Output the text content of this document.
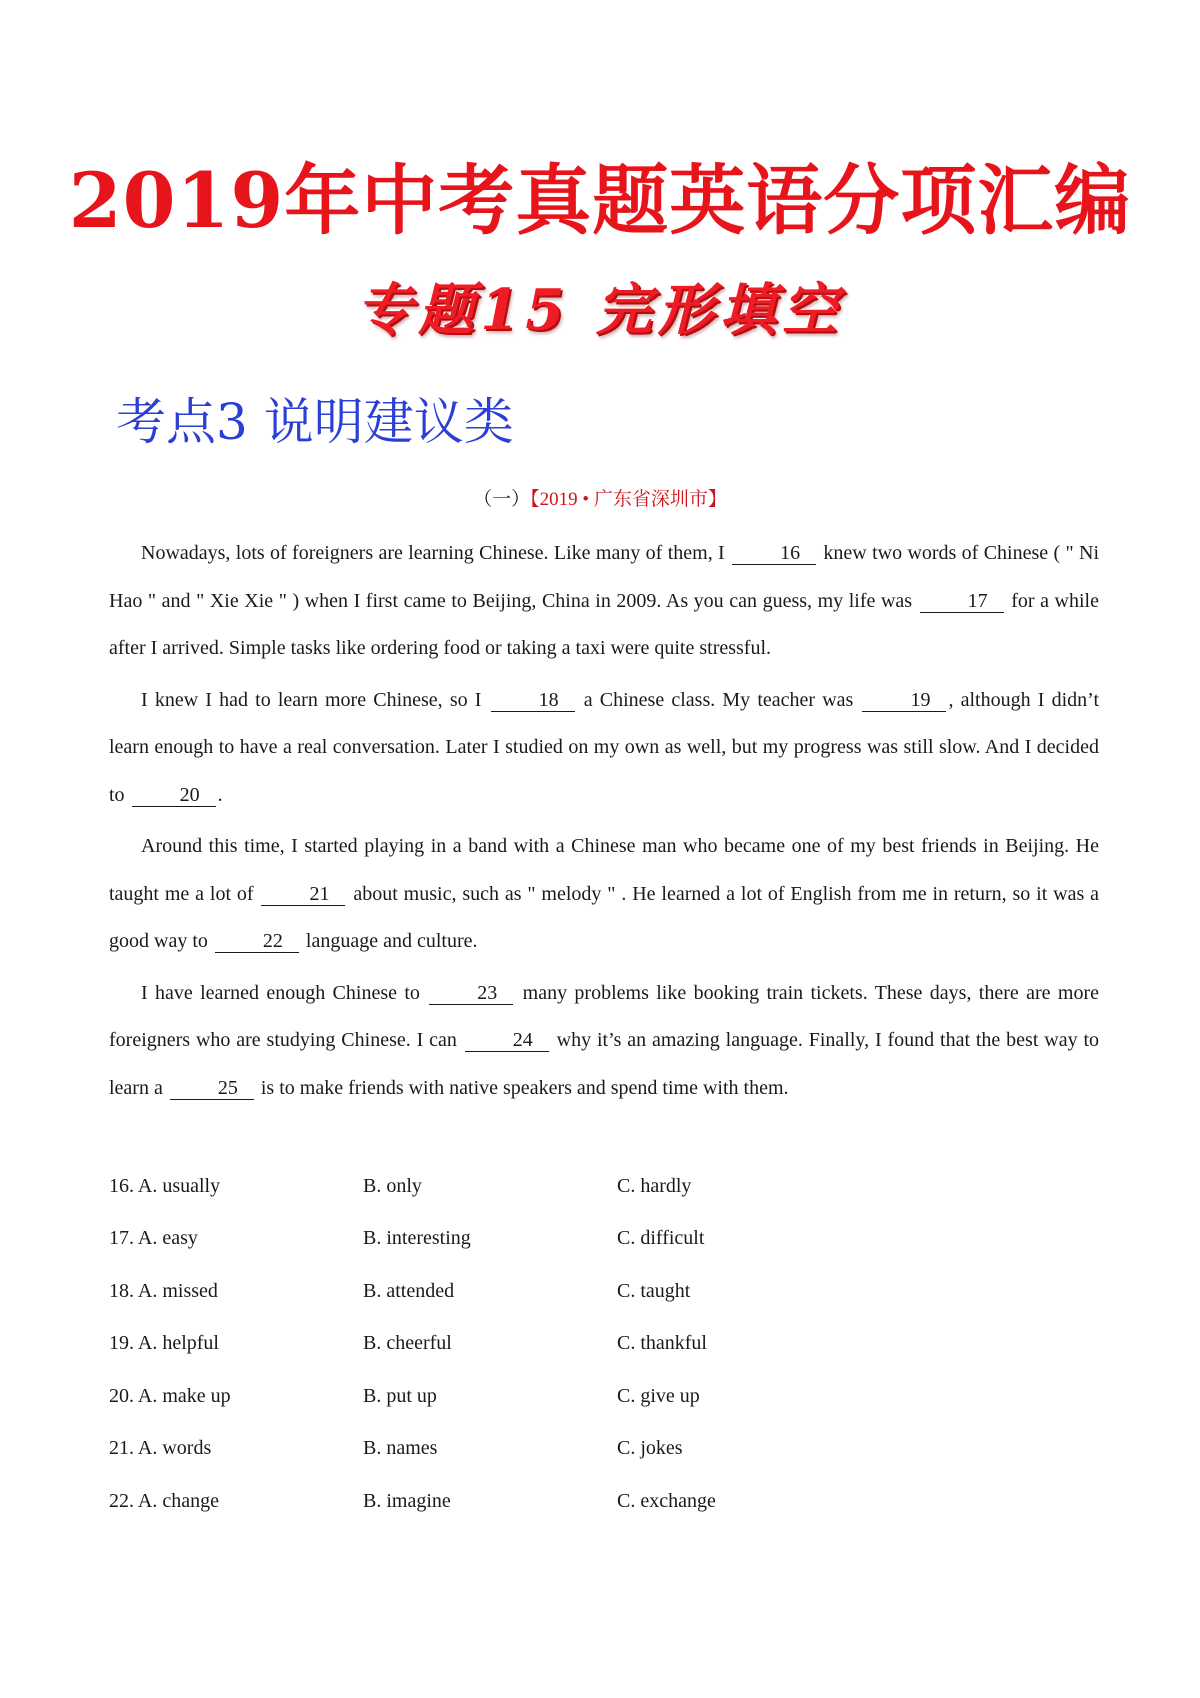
2019年中考真题英语分项汇编
专题15 完形填空
考点3 说明建议类
（一）【2019 • 广东省深圳市】

Nowadays, lots of foreigners are learning Chinese. Like many of them, I	16 knew two words of Chinese ( " Ni Hao " and " Xie Xie " ) when I first came to Beijing, China in 2009. As you can guess, my life was	17 for a while after I arrived. Simple tasks like ordering food or taking a taxi were quite stressful.

I knew I had to learn more Chinese, so I	18 a Chinese class. My teacher was	19 , although I didn’t learn enough to have a real conversation. Later I studied on my own as well, but my progress was still slow. And I decided to	20 .

Around this time, I started playing in a band with a Chinese man who became one of my best friends in Beijing. He taught me a lot of	21 about music, such as " melody " . He learned a lot of English from me in return, so it was a good way to	22 language and culture.

I have learned enough Chinese to	23 many problems like booking train tickets. These days, there are more foreigners who are studying Chinese. I can	24 why it’s an amazing language. Finally, I found that the best way to learn a	25 is to make friends with native speakers and spend time with them.

16. A. usually	B. only	C. hardly
17. A. easy	B. interesting	C. difficult
18. A. missed	B. attended	C. taught
19. A. helpful	B. cheerful	C. thankful
20. A. make up	B. put up	C. give up
21. A. words	B. names	C. jokes
22. A. change	B. imagine	C. exchange
